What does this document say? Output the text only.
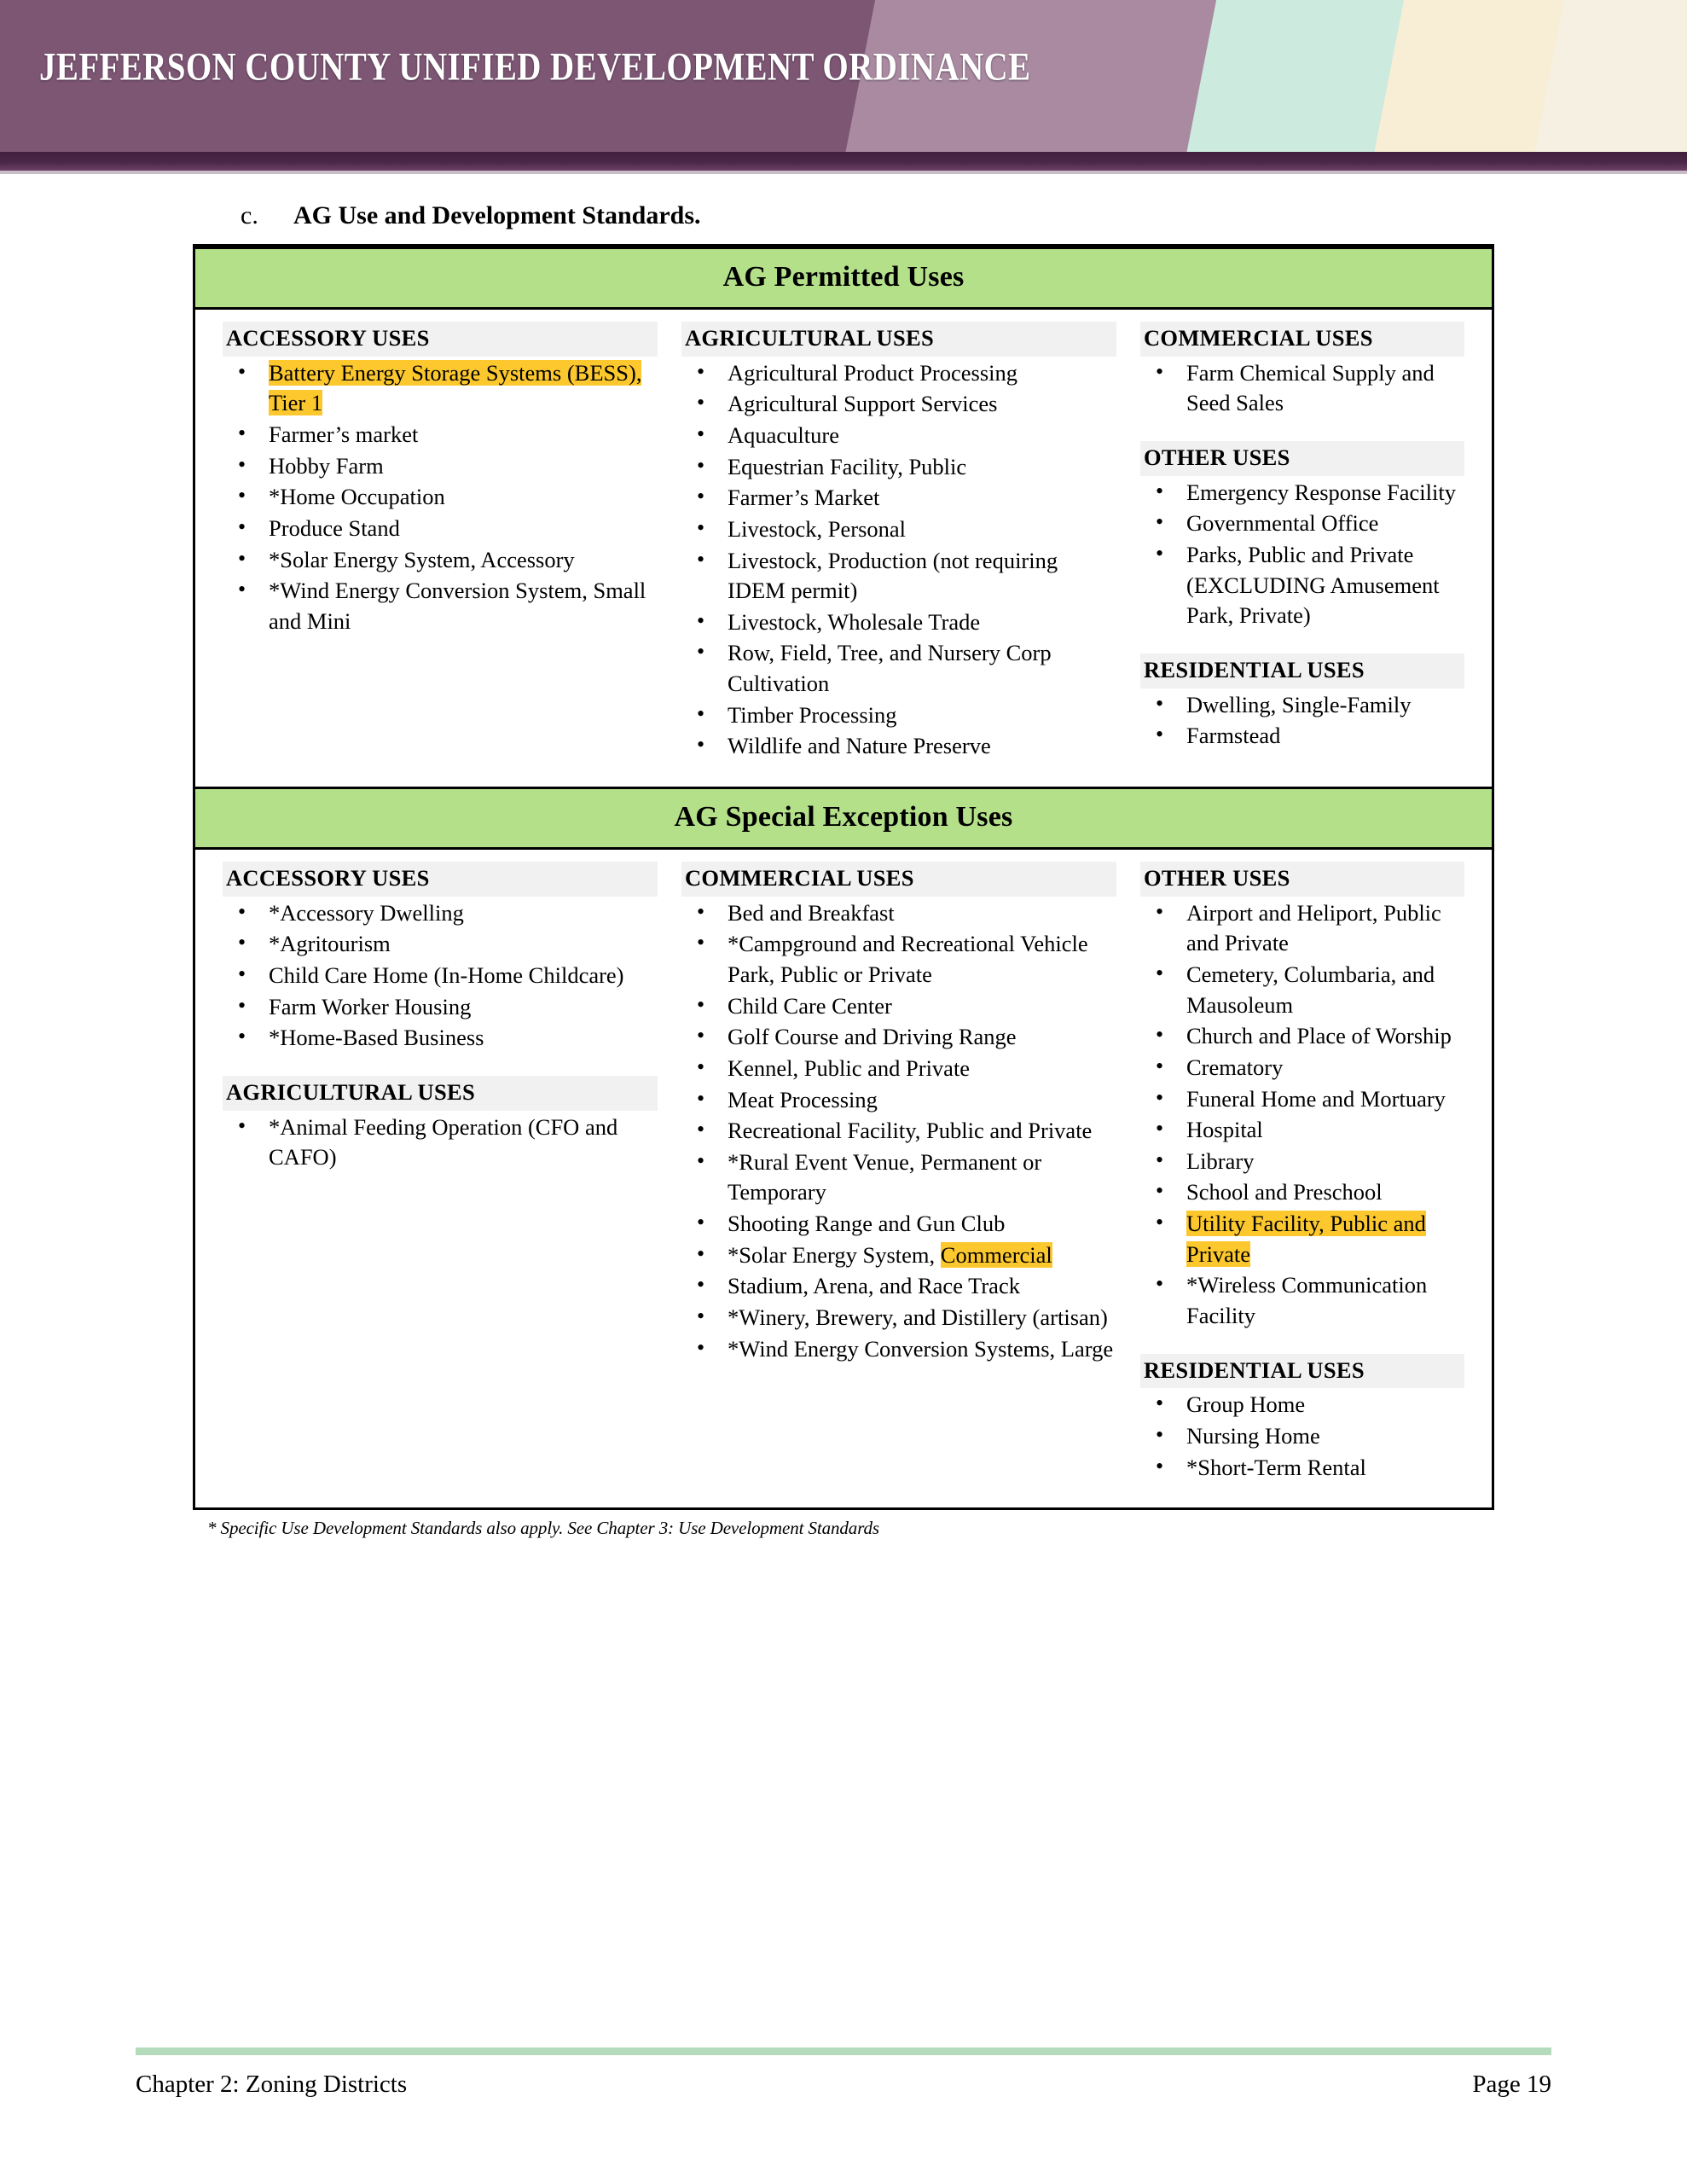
JEFFERSON COUNTY UNIFIED DEVELOPMENT ORDINANCE
c.	AG Use and Development Standards.
AG Permitted Uses
ACCESSORY USES
• Battery Energy Storage Systems (BESS), Tier 1
• Farmer’s market
• Hobby Farm
• *Home Occupation
• Produce Stand
• *Solar Energy System, Accessory
• *Wind Energy Conversion System, Small and Mini
AGRICULTURAL USES
• Agricultural Product Processing
• Agricultural Support Services
• Aquaculture
• Equestrian Facility, Public
• Farmer’s Market
• Livestock, Personal
• Livestock, Production (not requiring IDEM permit)
• Livestock, Wholesale Trade
• Row, Field, Tree, and Nursery Corp Cultivation
• Timber Processing
• Wildlife and Nature Preserve
COMMERCIAL USES
• Farm Chemical Supply and Seed Sales
OTHER USES
• Emergency Response Facility
• Governmental Office
• Parks, Public and Private (EXCLUDING Amusement Park, Private)
RESIDENTIAL USES
• Dwelling, Single-Family
• Farmstead
AG Special Exception Uses
ACCESSORY USES
• *Accessory Dwelling
• *Agritourism
• Child Care Home (In-Home Childcare)
• Farm Worker Housing
• *Home-Based Business
AGRICULTURAL USES
• *Animal Feeding Operation (CFO and CAFO)
COMMERCIAL USES
• Bed and Breakfast
• *Campground and Recreational Vehicle Park, Public or Private
• Child Care Center
• Golf Course and Driving Range
• Kennel, Public and Private
• Meat Processing
• Recreational Facility, Public and Private
• *Rural Event Venue, Permanent or Temporary
• Shooting Range and Gun Club
• *Solar Energy System, Commercial
• Stadium, Arena, and Race Track
• *Winery, Brewery, and Distillery (artisan)
• *Wind Energy Conversion Systems, Large
OTHER USES
• Airport and Heliport, Public and Private
• Cemetery, Columbaria, and Mausoleum
• Church and Place of Worship
• Crematory
• Funeral Home and Mortuary
• Hospital
• Library
• School and Preschool
• Utility Facility, Public and Private
• *Wireless Communication Facility
RESIDENTIAL USES
• Group Home
• Nursing Home
• *Short-Term Rental
* Specific Use Development Standards also apply. See Chapter 3: Use Development Standards
Chapter 2: Zoning Districts	Page 19
